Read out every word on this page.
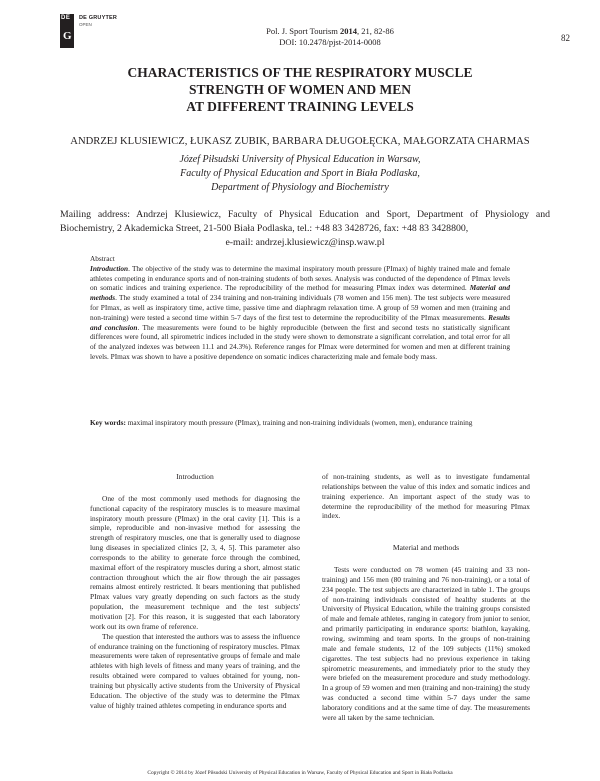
DE
G
DE GRUYTER
OPEN
Pol. J. Sport Tourism 2014, 21, 82-86
DOI: 10.2478/pjst-2014-0008	82
CHARACTERISTICS OF THE RESPIRATORY MUSCLE
STRENGTH OF WOMEN AND MEN
AT DIFFERENT TRAINING LEVELS
ANDRZEJ KLUSIEWICZ, ŁUKASZ ZUBIK, BARBARA DŁUGOŁĘCKA, MAŁGORZATA CHARMAS
Józef Piłsudski University of Physical Education in Warsaw,
Faculty of Physical Education and Sport in Biała Podlaska,
Department of Physiology and Biochemistry
Mailing address: Andrzej Klusiewicz, Faculty of Physical Education and Sport, Department of Physiology and Biochemistry, 2 Akademicka Street, 21-500 Biała Podlaska, tel.: +48 83 3428726, fax: +48 83 3428800,
e-mail: andrzej.klusiewicz@insp.waw.pl
Abstract
Introduction. The objective of the study was to determine the maximal inspiratory mouth pressure (PImax) of highly trained male and female athletes competing in endurance sports and of non-training students of both sexes. Analysis was conducted of the dependence of PImax levels on somatic indices and training experience. The reproducibility of the method for measuring PImax index was determined. Material and methods. The study examined a total of 234 training and non-training individuals (78 women and 156 men). The test subjects were measured for PImax, as well as inspiratory time, active time, passive time and diaphragm relaxation time. A group of 59 women and men (training and non-training) were tested a second time within 5-7 days of the first test to determine the reproducibility of the PImax measurements. Results and conclusion. The measurements were found to be highly reproducible (between the first and second tests no statistically significant differences were found, all spirometric indices included in the study were shown to demonstrate a significant correlation, and total error for all of the analyzed indexes was between 11.1 and 24.3%). Reference ranges for PImax were determined for women and men at different training levels. PImax was shown to have a positive dependence on somatic indices characterizing male and female body mass.
Key words: maximal inspiratory mouth pressure (PImax), training and non-training individuals (women, men), endurance training
Introduction
One of the most commonly used methods for diagnosing the functional capacity of the respiratory muscles is to measure maximal inspiratory mouth pressure (PImax) in the oral cavity [1]. This is a simple, reproducible and non-invasive method for assessing the strength of respiratory muscles, one that is generally used to diagnose lung diseases in specialized clinics [2, 3, 4, 5]. This parameter also corresponds to the ability to generate force through the combined, maximal effort of the respiratory muscles during a short, almost static contraction throughout which the air flow through the air passages remains almost entirely restricted. It bears mentioning that published PImax values vary greatly depending on such factors as the study population, the measurement technique and the test subjects' motivation [2]. For this reason, it is suggested that each laboratory work out its own frame of reference.
The question that interested the authors was to assess the influence of endurance training on the functioning of respiratory muscles. PImax measurements were taken of representative groups of female and male athletes with high levels of fitness and many years of training, and the results obtained were compared to values obtained for young, non-training but physically active students from the University of Physical Education. The objective of the study was to determine the PImax value of highly trained athletes competing in endurance sports and
of non-training students, as well as to investigate fundamental relationships between the value of this index and somatic indices and training experience. An important aspect of the study was to determine the reproducibility of the method for measuring PImax index.
Material and methods
Tests were conducted on 78 women (45 training and 33 non-training) and 156 men (80 training and 76 non-training), or a total of 234 people. The test subjects are characterized in table 1. The groups of non-training individuals consisted of healthy students at the University of Physical Education, while the training groups consisted of male and female athletes, ranging in category from junior to senior, and primarily participating in endurance sports: biathlon, kayaking, rowing, swimming and team sports. In the groups of non-training male and female students, 12 of the 109 subjects (11%) smoked cigarettes. The test subjects had no previous experience in taking spirometric measurements, and immediately prior to the study they were briefed on the measurement procedure and study methodology. In a group of 59 women and men (training and non-training) the study was conducted a second time within 5-7 days under the same laboratory conditions and at the same time of day. The measurements were all taken by the same technician.
Copyright © 2014 by Józef Piłsudski University of Physical Education in Warsaw, Faculty of Physical Education and Sport in Biała Podlaska
